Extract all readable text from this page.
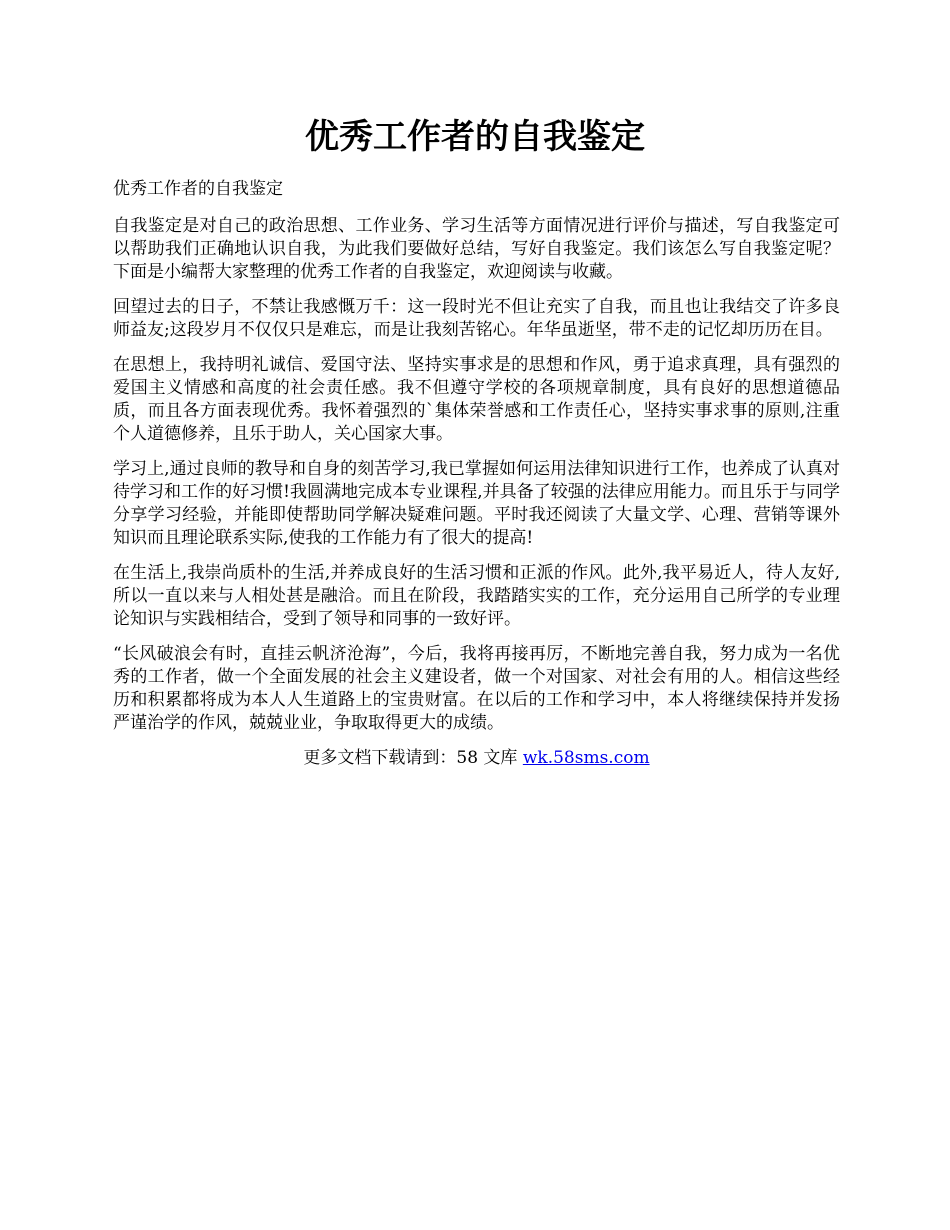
优秀工作者的自我鉴定

优秀工作者的自我鉴定

自我鉴定是对自己的政治思想、工作业务、学习生活等方面情况进行评价与描述，写自我鉴定可以帮助我们正确地认识自我，为此我们要做好总结，写好自我鉴定。我们该怎么写自我鉴定呢？下面是小编帮大家整理的优秀工作者的自我鉴定，欢迎阅读与收藏。

回望过去的日子，不禁让我感慨万千：这一段时光不但让充实了自我，而且也让我结交了许多良师益友;这段岁月不仅仅只是难忘，而是让我刻苦铭心。年华虽逝坚，带不走的记忆却历历在目。

在思想上，我持明礼诚信、爱国守法、坚持实事求是的思想和作风，勇于追求真理，具有强烈的爱国主义情感和高度的社会责任感。我不但遵守学校的各项规章制度，具有良好的思想道德品质，而且各方面表现优秀。我怀着强烈的`集体荣誉感和工作责任心，坚持实事求事的原则,注重个人道德修养，且乐于助人，关心国家大事。

学习上,通过良师的教导和自身的刻苦学习,我已掌握如何运用法律知识进行工作，也养成了认真对待学习和工作的好习惯!我圆满地完成本专业课程,并具备了较强的法律应用能力。而且乐于与同学分享学习经验，并能即使帮助同学解决疑难问题。平时我还阅读了大量文学、心理、营销等课外知识而且理论联系实际,使我的工作能力有了很大的提高!

在生活上,我崇尚质朴的生活,并养成良好的生活习惯和正派的作风。此外,我平易近人，待人友好,所以一直以来与人相处甚是融洽。而且在阶段，我踏踏实实的工作，充分运用自己所学的专业理论知识与实践相结合，受到了领导和同事的一致好评。

“长风破浪会有时，直挂云帆济沧海”，今后，我将再接再厉，不断地完善自我，努力成为一名优秀的工作者，做一个全面发展的社会主义建设者，做一个对国家、对社会有用的人。相信这些经历和积累都将成为本人人生道路上的宝贵财富。在以后的工作和学习中，本人将继续保持并发扬严谨治学的作风，兢兢业业，争取取得更大的成绩。

更多文档下载请到：58 文库 wk.58sms.com
